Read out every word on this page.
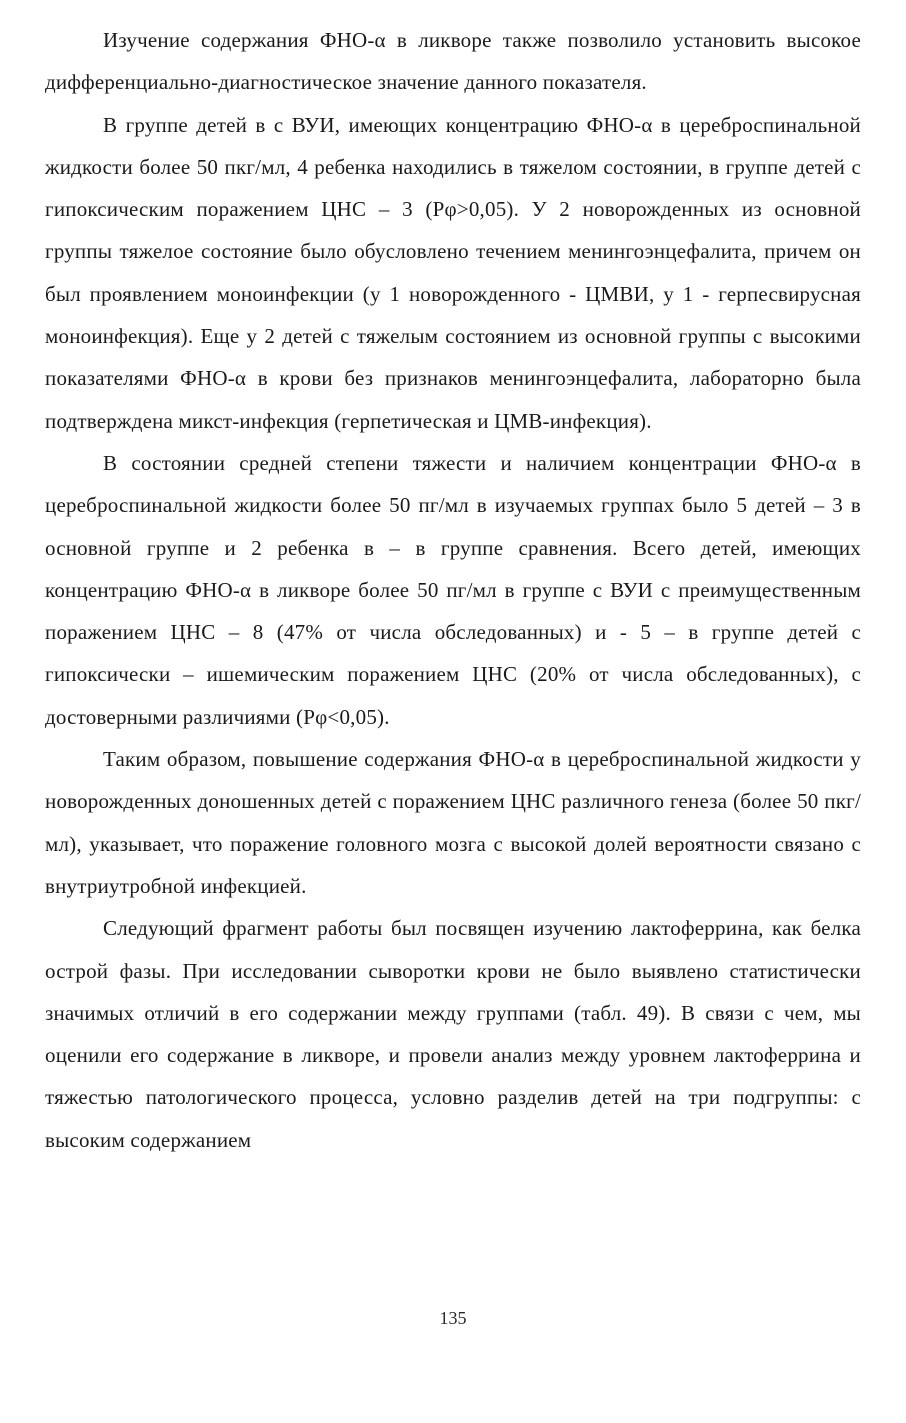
Изучение содержания ФНО-α в ликворе также позволило установить высокое дифференциально-диагностическое значение данного показателя.

В группе детей в с ВУИ, имеющих концентрацию ФНО-α в цереброспинальной жидкости более 50 пкг/мл, 4 ребенка находились в тяжелом состоянии, в группе детей с гипоксическим поражением ЦНС – 3 (Рφ>0,05). У 2 новорожденных из основной группы тяжелое состояние было обусловлено течением менингоэнцефалита, причем он был проявлением моноинфекции (у 1 новорожденного - ЦМВИ, у 1 - герпесвирусная моноинфекция). Еще у 2 детей с тяжелым состоянием из основной группы с высокими показателями ФНО-α в крови без признаков менингоэнцефалита, лабораторно была подтверждена микст-инфекция (герпетическая и ЦМВ-инфекция).

В состоянии средней степени тяжести и наличием концентрации ФНО-α в цереброспинальной жидкости более 50 пг/мл в изучаемых группах было 5 детей – 3 в основной группе и 2 ребенка в – в группе сравнения. Всего детей, имеющих концентрацию ФНО-α в ликворе более 50 пг/мл в группе с ВУИ с преимущественным поражением ЦНС – 8 (47% от числа обследованных) и - 5 – в группе детей с гипоксически – ишемическим поражением ЦНС (20% от числа обследованных), с достоверными различиями (Рφ<0,05).

Таким образом, повышение содержания ФНО-α в цереброспинальной жидкости у новорожденных доношенных детей с поражением ЦНС различного генеза (более 50 пкг/мл), указывает, что поражение головного мозга с высокой долей вероятности связано с внутриутробной инфекцией.

Следующий фрагмент работы был посвящен изучению лактоферрина, как белка острой фазы. При исследовании сыворотки крови не было выявлено статистически значимых отличий в его содержании между группами (табл. 49). В связи с чем, мы оценили его содержание в ликворе, и провели анализ между уровнем лактоферрина и тяжестью патологического процесса, условно разделив детей на три подгруппы: с высоким содержанием

135
